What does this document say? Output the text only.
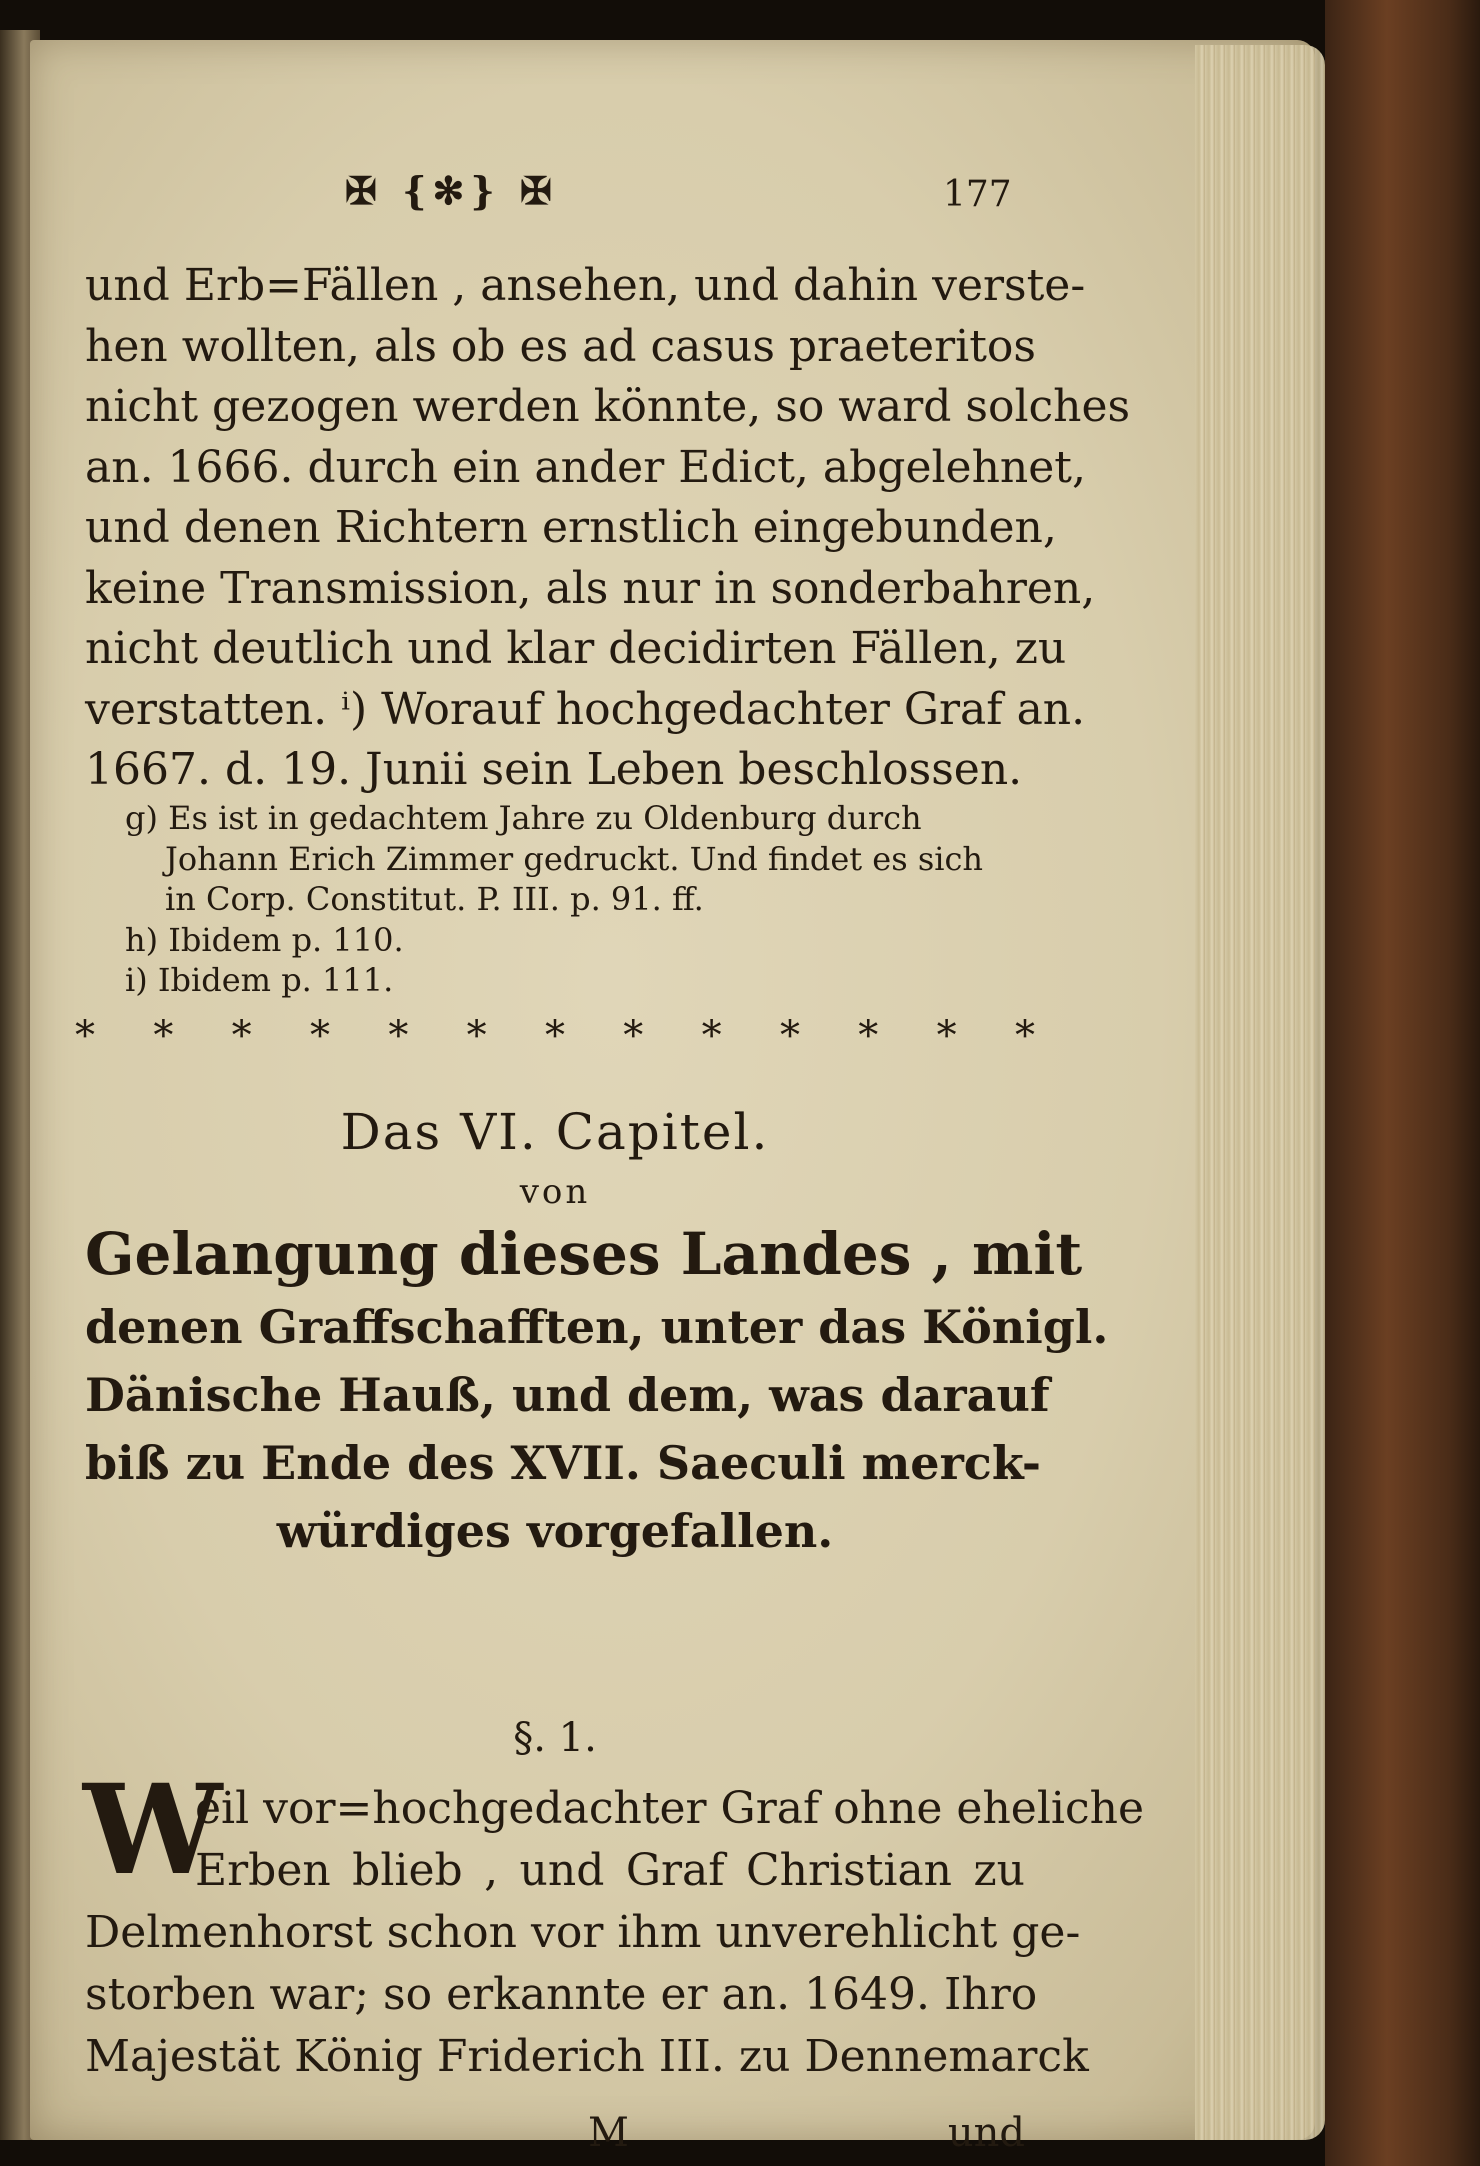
✠ {✻} ✠	177
und Erb=Fällen , ansehen, und dahin verste-
hen wollten, als ob es ad casus praeteritos
nicht gezogen werden könnte, so ward solches
an. 1666. durch ein ander Edict, abgelehnet,
und denen Richtern ernstlich eingebunden,
keine Transmission, als nur in sonderbahren,
nicht deutlich und klar decidirten Fällen, zu
verstatten. ⁱ) Worauf hochgedachter Graf an.
1667. d. 19. Junii sein Leben beschlossen.
g) Es ist in gedachtem Jahre zu Oldenburg durch
Johann Erich Zimmer gedruckt. Und findet es sich
in Corp. Constitut. P. III. p. 91. ff.
h) Ibidem p. 110.
i) Ibidem p. 111.
* * * * * * * * * * * * *
Das VI. Capitel.
von
Gelangung dieses Landes , mit
denen Graffschafften, unter das Königl.
Dänische Hauß, und dem, was darauf
biß zu Ende des XVII. Saeculi merck-
würdiges vorgefallen.
§. 1.
W
eil vor=hochgedachter Graf ohne eheliche
Erben blieb , und Graf Christian zu
Delmenhorst schon vor ihm unverehlicht ge-
storben war; so erkannte er an. 1649. Ihro
Majestät König Friderich III. zu Dennemarck
M	und
